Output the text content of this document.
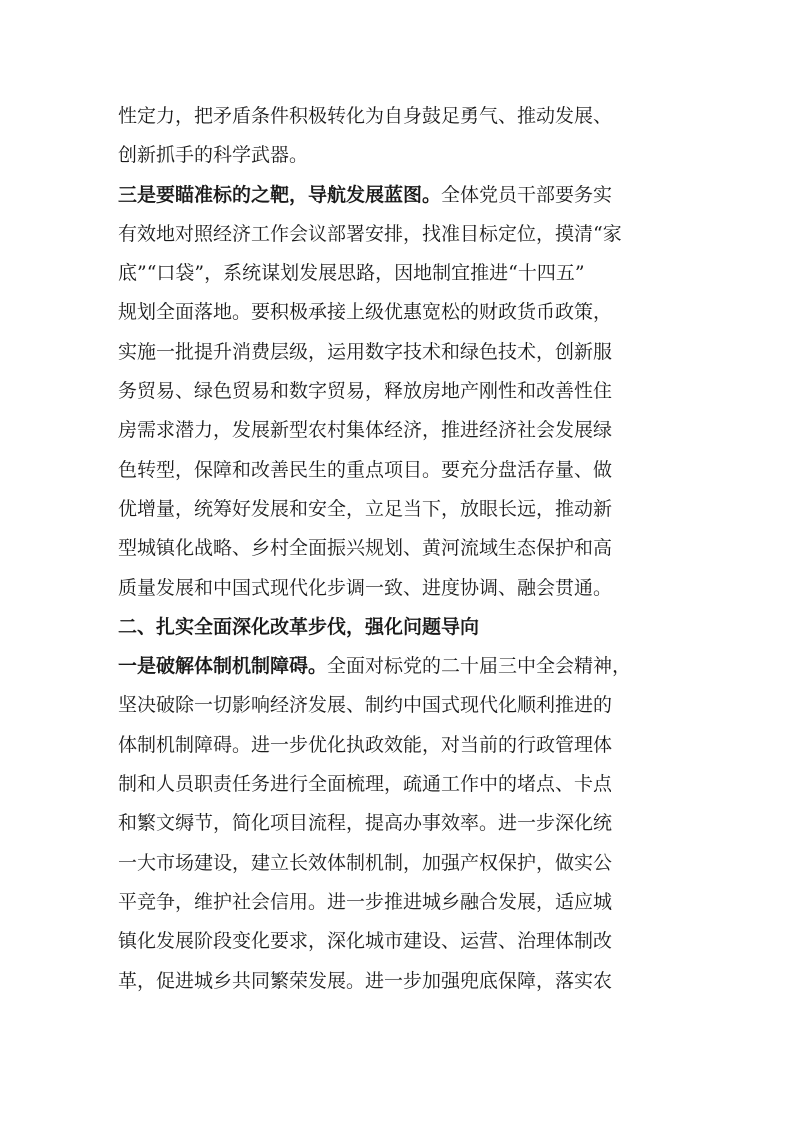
性定力，把矛盾条件积极转化为自身鼓足勇气、推动发展、
创新抓手的科学武器。
三是要瞄准标的之靶，导航发展蓝图。全体党员干部要务实
有效地对照经济工作会议部署安排，找准目标定位，摸清“家
底”“口袋”，系统谋划发展思路，因地制宜推进“十四五”
规划全面落地。要积极承接上级优惠宽松的财政货币政策，
实施一批提升消费层级，运用数字技术和绿色技术，创新服
务贸易、绿色贸易和数字贸易，释放房地产刚性和改善性住
房需求潜力，发展新型农村集体经济，推进经济社会发展绿
色转型，保障和改善民生的重点项目。要充分盘活存量、做
优增量，统筹好发展和安全，立足当下，放眼长远，推动新
型城镇化战略、乡村全面振兴规划、黄河流域生态保护和高
质量发展和中国式现代化步调一致、进度协调、融会贯通。
二、扎实全面深化改革步伐，强化问题导向
一是破解体制机制障碍。全面对标党的二十届三中全会精神，
坚决破除一切影响经济发展、制约中国式现代化顺利推进的
体制机制障碍。进一步优化执政效能，对当前的行政管理体
制和人员职责任务进行全面梳理，疏通工作中的堵点、卡点
和繁文缛节，简化项目流程，提高办事效率。进一步深化统
一大市场建设，建立长效体制机制，加强产权保护，做实公
平竞争，维护社会信用。进一步推进城乡融合发展，适应城
镇化发展阶段变化要求，深化城市建设、运营、治理体制改
革，促进城乡共同繁荣发展。进一步加强兜底保障，落实农
